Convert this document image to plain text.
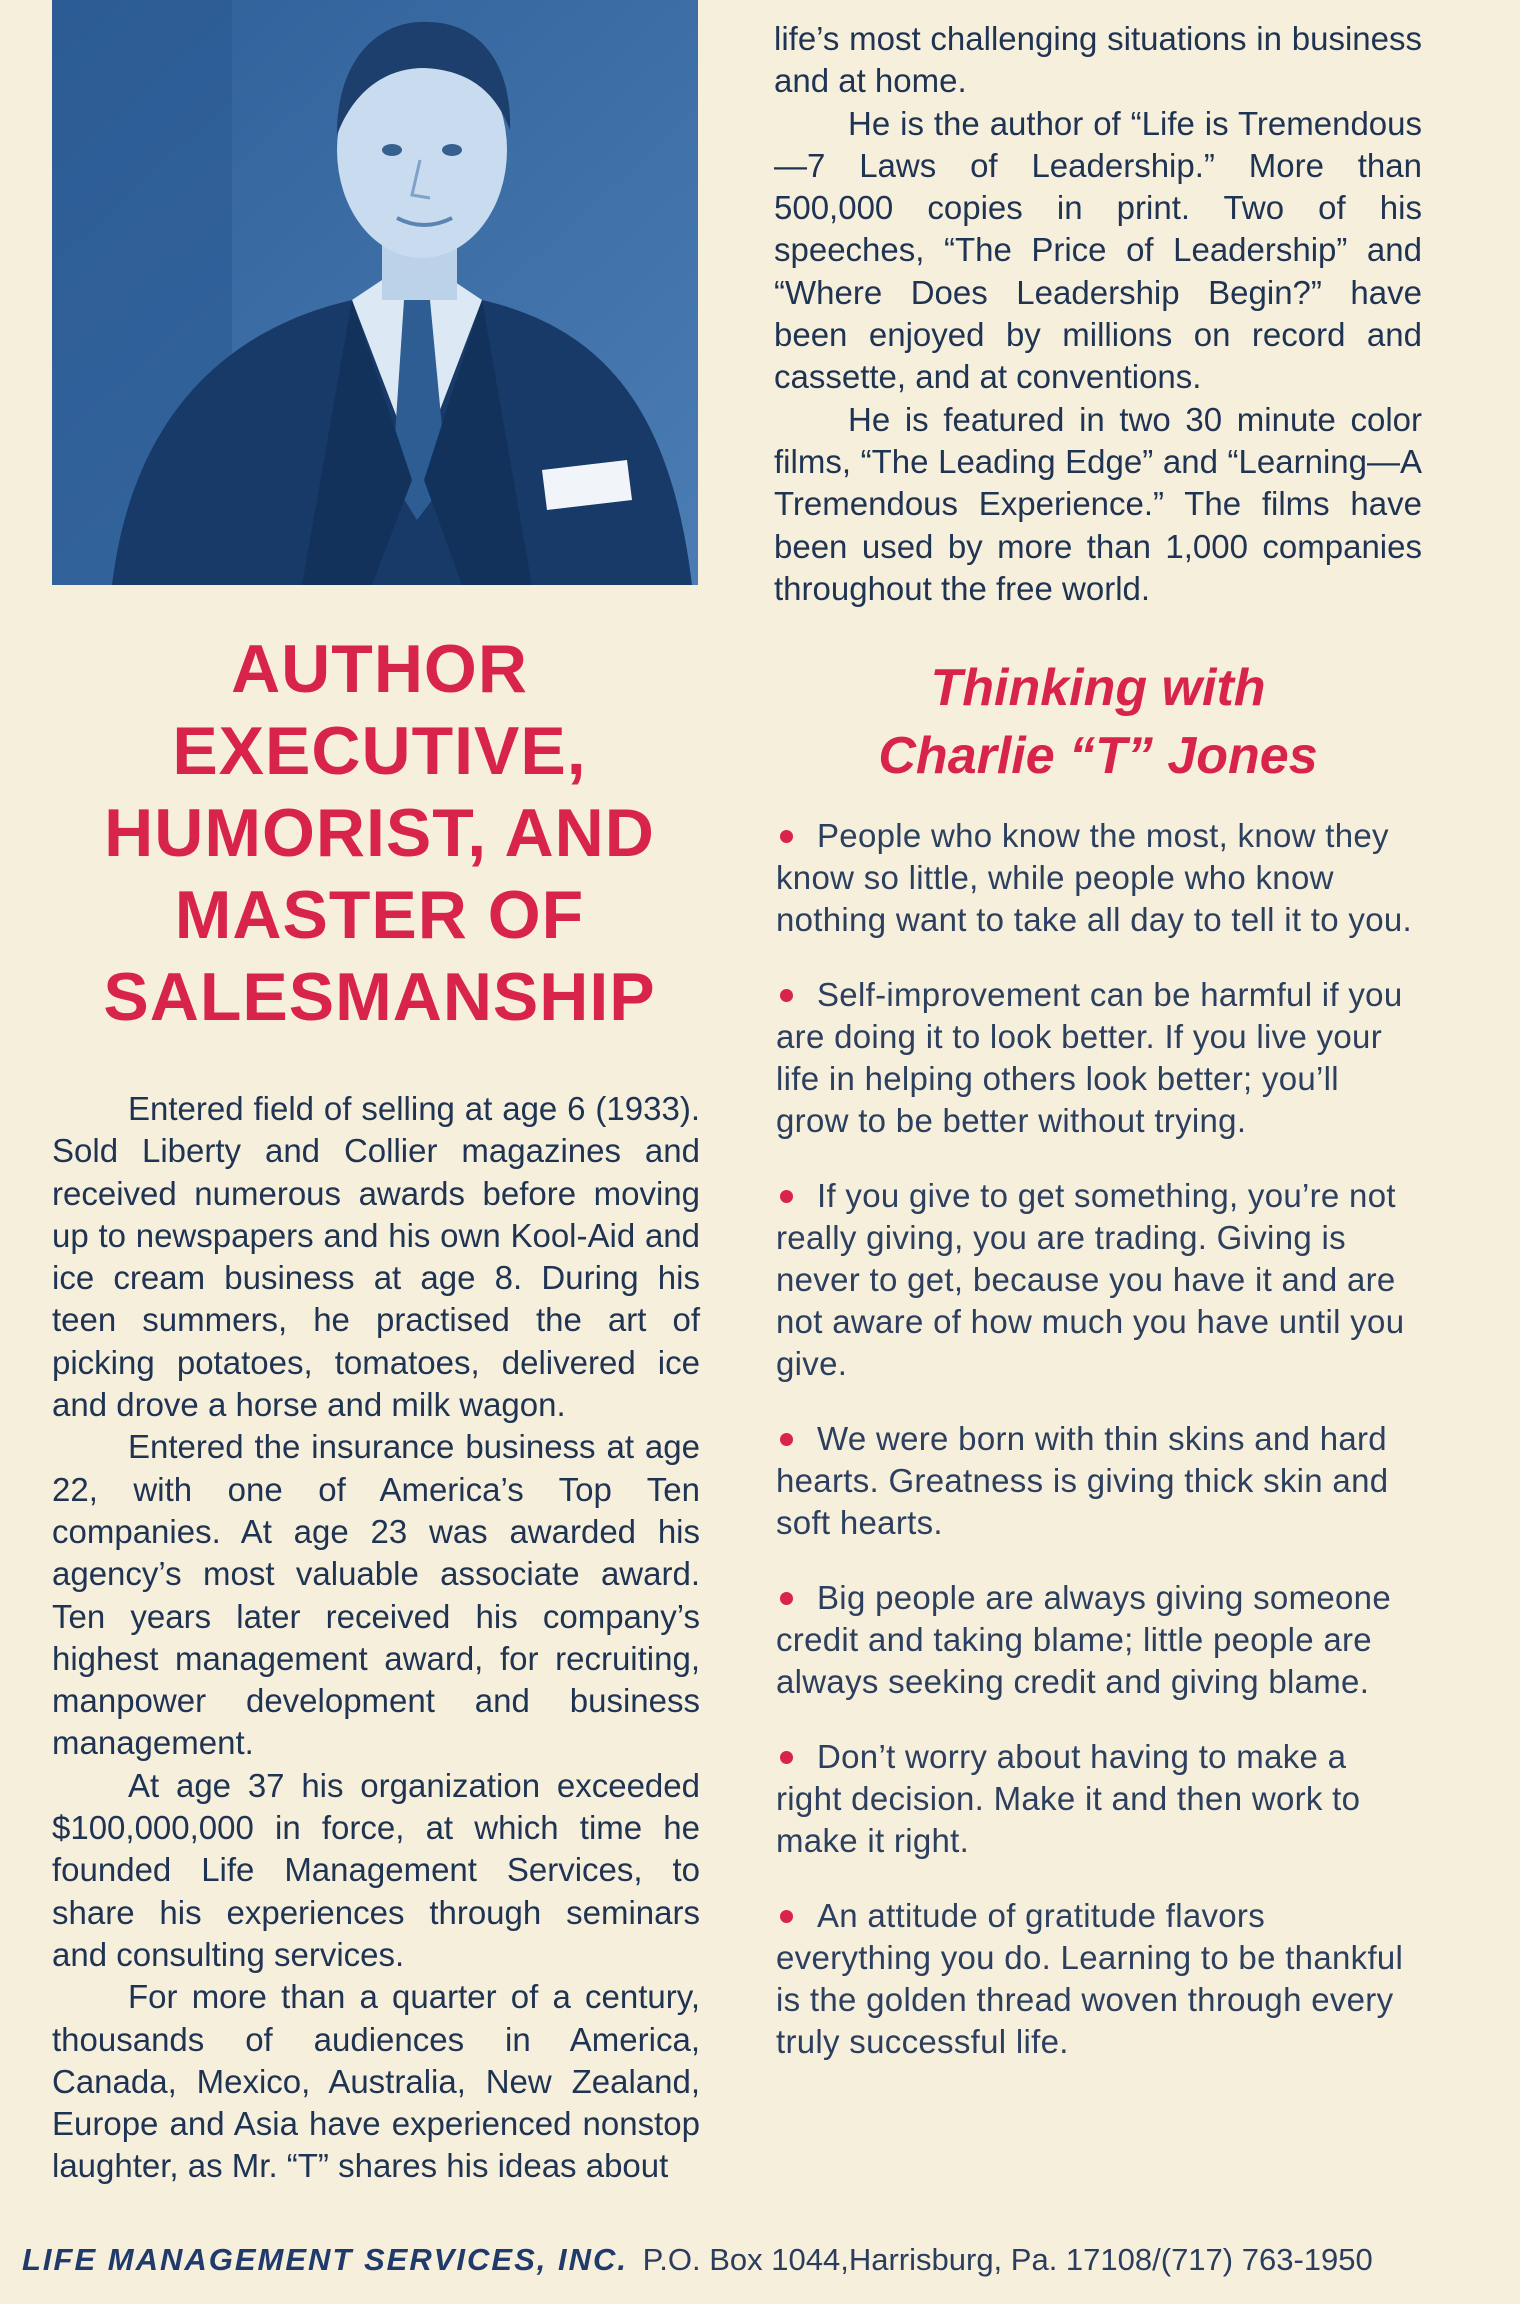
AUTHOR
EXECUTIVE,
HUMORIST, AND
MASTER OF
SALESMANSHIP

Entered field of selling at age 6 (1933). Sold Liberty and Collier magazines and received numerous awards before moving up to newspapers and his own Kool-Aid and ice cream business at age 8. During his teen summers, he practised the art of picking potatoes, tomatoes, delivered ice and drove a horse and milk wagon.

Entered the insurance business at age 22, with one of America’s Top Ten companies. At age 23 was awarded his agency’s most valuable associate award. Ten years later received his company’s highest management award, for recruiting, manpower development and business management.

At age 37 his organization exceeded $100,000,000 in force, at which time he founded Life Management Services, to share his experiences through seminars and consulting services.

For more than a quarter of a century, thousands of audiences in America, Canada, Mexico, Australia, New Zealand, Europe and Asia have experienced nonstop laughter, as Mr. “T” shares his ideas about

life’s most challenging situations in business and at home.

He is the author of “Life is Tremendous—7 Laws of Leadership.” More than 500,000 copies in print. Two of his speeches, “The Price of Leadership” and “Where Does Leadership Begin?” have been enjoyed by millions on record and cassette, and at conventions.

He is featured in two 30 minute color films, “The Leading Edge” and “Learning—A Tremendous Experience.” The films have been used by more than 1,000 companies throughout the free world.

Thinking with
Charlie “T” Jones
People who know the most, know they know so little, while people who know nothing want to take all day to tell it to you.
Self-improvement can be harmful if you are doing it to look better. If you live your life in helping others look better; you’ll grow to be better without trying.
If you give to get something, you’re not really giving, you are trading. Giving is never to get, because you have it and are not aware of how much you have until you give.
We were born with thin skins and hard hearts. Greatness is giving thick skin and soft hearts.
Big people are always giving someone credit and taking blame; little people are always seeking credit and giving blame.
Don’t worry about having to make a right decision. Make it and then work to make it right.
An attitude of gratitude flavors everything you do. Learning to be thankful is the golden thread woven through every truly successful life.
LIFE MANAGEMENT SERVICES, INC. P.O. Box 1044,Harrisburg, Pa. 17108/(717) 763-1950
